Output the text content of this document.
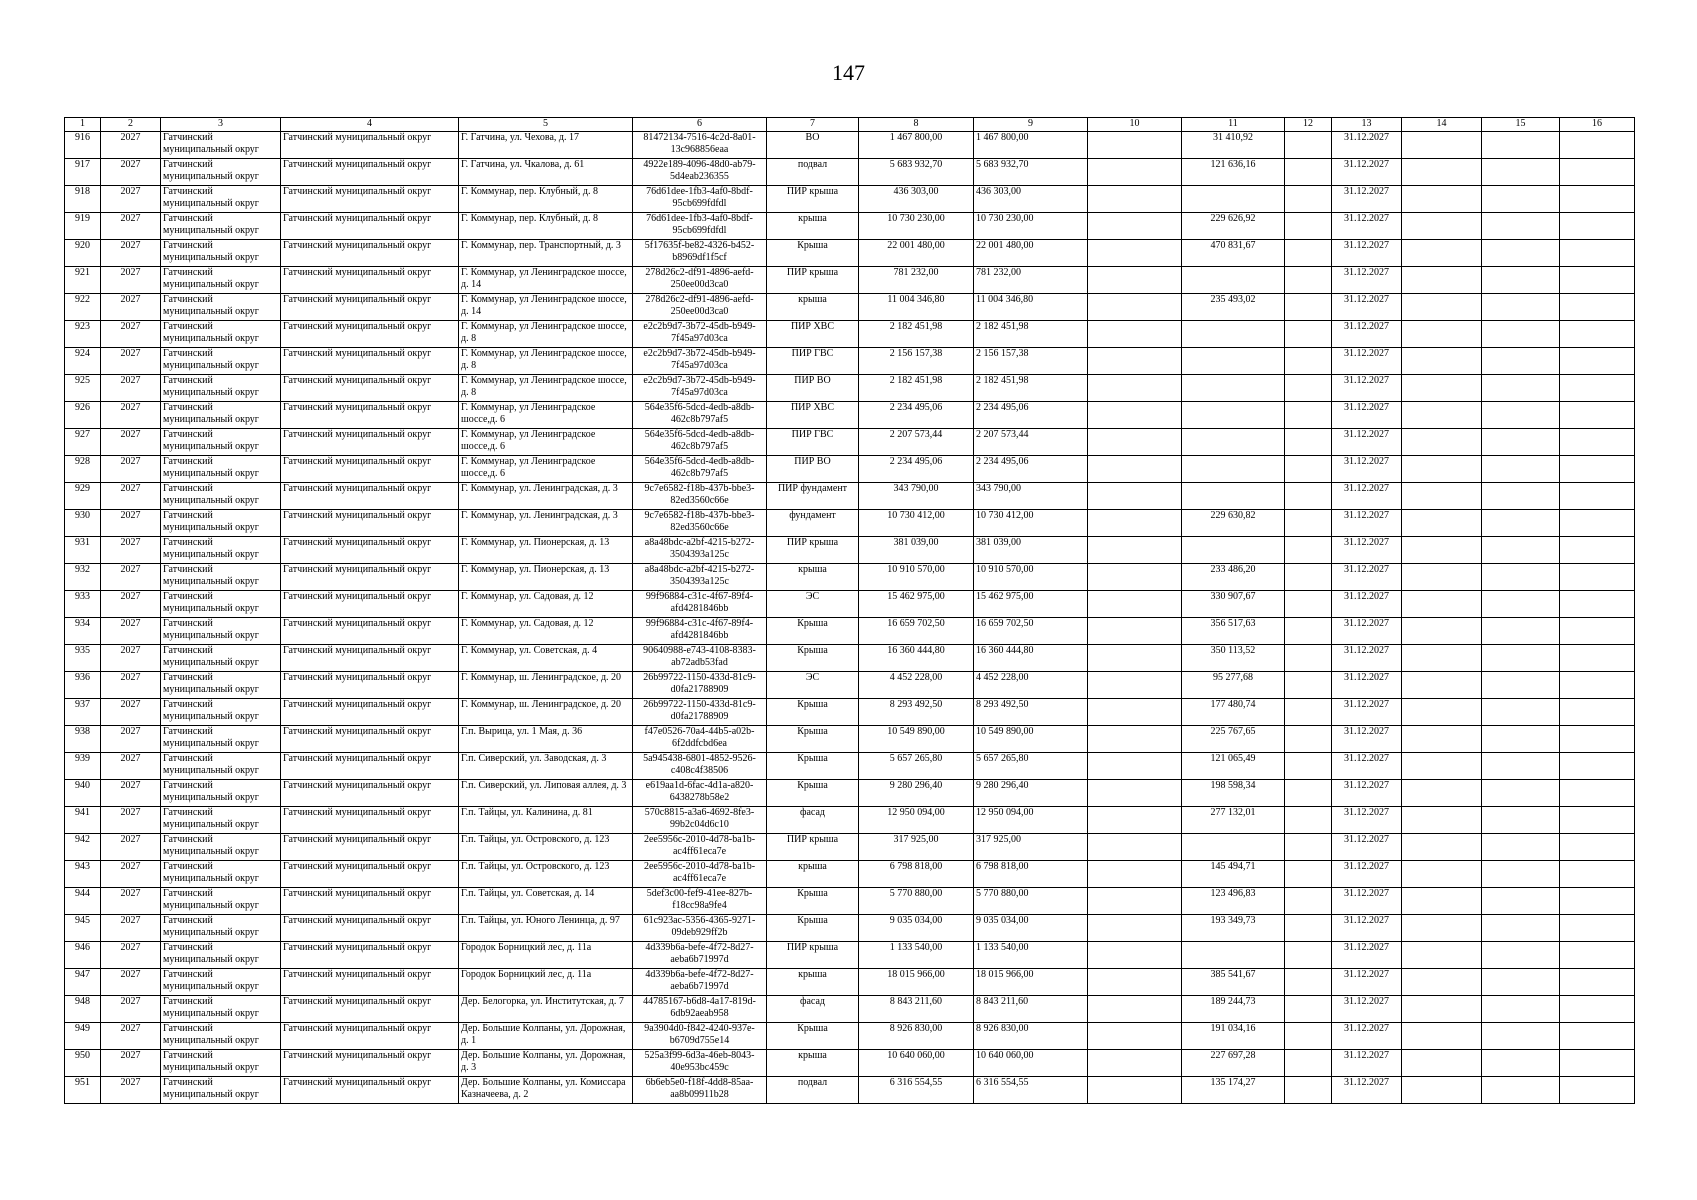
147
1	2	3	4	5	6	7	8	9	10	11	12	13	14	15	16
916	2027	Гатчинский муниципальный округ	Гатчинский муниципальный округ	Г. Гатчина, ул. Чехова, д. 17	81472134-7516-4c2d-8a01-13c968856eaa	ВО	1 467 800,00	1 467 800,00		31 410,92		31.12.2027			
917	2027	Гатчинский муниципальный округ	Гатчинский муниципальный округ	Г. Гатчина, ул. Чкалова, д. 61	4922e189-4096-48d0-ab79-5d4eab236355	подвал	5 683 932,70	5 683 932,70		121 636,16		31.12.2027			
918	2027	Гатчинский муниципальный округ	Гатчинский муниципальный округ	Г. Коммунар, пер. Клубный, д. 8	76d61dee-1fb3-4af0-8bdf-95cb699fdfdl	ПИР крыша	436 303,00	436 303,00				31.12.2027			
919	2027	Гатчинский муниципальный округ	Гатчинский муниципальный округ	Г. Коммунар, пер. Клубный, д. 8	76d61dee-1fb3-4af0-8bdf-95cb699fdfdl	крыша	10 730 230,00	10 730 230,00		229 626,92		31.12.2027			
920	2027	Гатчинский муниципальный округ	Гатчинский муниципальный округ	Г. Коммунар, пер. Транспортный, д. 3	5f17635f-be82-4326-b452-b8969df1f5cf	Крыша	22 001 480,00	22 001 480,00		470 831,67		31.12.2027			
921	2027	Гатчинский муниципальный округ	Гатчинский муниципальный округ	Г. Коммунар, ул Ленинградское шоссе, д. 14	278d26c2-df91-4896-aefd-250ee00d3ca0	ПИР крыша	781 232,00	781 232,00				31.12.2027			
922	2027	Гатчинский муниципальный округ	Гатчинский муниципальный округ	Г. Коммунар, ул Ленинградское шоссе, д. 14	278d26c2-df91-4896-aefd-250ee00d3ca0	крыша	11 004 346,80	11 004 346,80		235 493,02		31.12.2027			
923	2027	Гатчинский муниципальный округ	Гатчинский муниципальный округ	Г. Коммунар, ул Ленинградское шоссе, д. 8	e2c2b9d7-3b72-45db-b949-7f45a97d03ca	ПИР ХВС	2 182 451,98	2 182 451,98				31.12.2027			
924	2027	Гатчинский муниципальный округ	Гатчинский муниципальный округ	Г. Коммунар, ул Ленинградское шоссе, д. 8	e2c2b9d7-3b72-45db-b949-7f45a97d03ca	ПИР ГВС	2 156 157,38	2 156 157,38				31.12.2027			
925	2027	Гатчинский муниципальный округ	Гатчинский муниципальный округ	Г. Коммунар, ул Ленинградское шоссе, д. 8	e2c2b9d7-3b72-45db-b949-7f45a97d03ca	ПИР ВО	2 182 451,98	2 182 451,98				31.12.2027			
926	2027	Гатчинский муниципальный округ	Гатчинский муниципальный округ	Г. Коммунар, ул Ленинградское шоссе,д. 6	564e35f6-5dcd-4edb-a8db-462c8b797af5	ПИР ХВС	2 234 495,06	2 234 495,06				31.12.2027			
927	2027	Гатчинский муниципальный округ	Гатчинский муниципальный округ	Г. Коммунар, ул Ленинградское шоссе,д. 6	564e35f6-5dcd-4edb-a8db-462c8b797af5	ПИР ГВС	2 207 573,44	2 207 573,44				31.12.2027			
928	2027	Гатчинский муниципальный округ	Гатчинский муниципальный округ	Г. Коммунар, ул Ленинградское шоссе,д. 6	564e35f6-5dcd-4edb-a8db-462c8b797af5	ПИР ВО	2 234 495,06	2 234 495,06				31.12.2027			
929	2027	Гатчинский муниципальный округ	Гатчинский муниципальный округ	Г. Коммунар, ул. Ленинградская, д. 3	9c7e6582-f18b-437b-bbe3-82ed3560c66e	ПИР фундамент	343 790,00	343 790,00				31.12.2027			
930	2027	Гатчинский муниципальный округ	Гатчинский муниципальный округ	Г. Коммунар, ул. Ленинградская, д. 3	9c7e6582-f18b-437b-bbe3-82ed3560c66e	фундамент	10 730 412,00	10 730 412,00		229 630,82		31.12.2027			
931	2027	Гатчинский муниципальный округ	Гатчинский муниципальный округ	Г. Коммунар, ул. Пионерская, д. 13	a8a48bdc-a2bf-4215-b272-3504393a125c	ПИР крыша	381 039,00	381 039,00				31.12.2027			
932	2027	Гатчинский муниципальный округ	Гатчинский муниципальный округ	Г. Коммунар, ул. Пионерская, д. 13	a8a48bdc-a2bf-4215-b272-3504393a125c	крыша	10 910 570,00	10 910 570,00		233 486,20		31.12.2027			
933	2027	Гатчинский муниципальный округ	Гатчинский муниципальный округ	Г. Коммунар, ул. Садовая, д. 12	99f96884-c31c-4f67-89f4-afd4281846bb	ЭС	15 462 975,00	15 462 975,00		330 907,67		31.12.2027			
934	2027	Гатчинский муниципальный округ	Гатчинский муниципальный округ	Г. Коммунар, ул. Садовая, д. 12	99f96884-c31c-4f67-89f4-afd4281846bb	Крыша	16 659 702,50	16 659 702,50		356 517,63		31.12.2027			
935	2027	Гатчинский муниципальный округ	Гатчинский муниципальный округ	Г. Коммунар, ул. Советская, д. 4	90640988-e743-4108-8383-ab72adb53fad	Крыша	16 360 444,80	16 360 444,80		350 113,52		31.12.2027			
936	2027	Гатчинский муниципальный округ	Гатчинский муниципальный округ	Г. Коммунар, ш. Ленинградское, д. 20	26b99722-1150-433d-81c9-d0fa21788909	ЭС	4 452 228,00	4 452 228,00		95 277,68		31.12.2027			
937	2027	Гатчинский муниципальный округ	Гатчинский муниципальный округ	Г. Коммунар, ш. Ленинградское, д. 20	26b99722-1150-433d-81c9-d0fa21788909	Крыша	8 293 492,50	8 293 492,50		177 480,74		31.12.2027			
938	2027	Гатчинский муниципальный округ	Гатчинский муниципальный округ	Г.п. Вырица, ул. 1 Мая, д. 36	f47e0526-70a4-44b5-a02b-6f2ddfcbd6ea	Крыша	10 549 890,00	10 549 890,00		225 767,65		31.12.2027			
939	2027	Гатчинский муниципальный округ	Гатчинский муниципальный округ	Г.п. Сиверский, ул. Заводская, д. 3	5a945438-6801-4852-9526-c408c4f38506	Крыша	5 657 265,80	5 657 265,80		121 065,49		31.12.2027			
940	2027	Гатчинский муниципальный округ	Гатчинский муниципальный округ	Г.п. Сиверский, ул. Липовая аллея, д. 3	e619aa1d-6fac-4d1a-a820-6438278b58e2	Крыша	9 280 296,40	9 280 296,40		198 598,34		31.12.2027			
941	2027	Гатчинский муниципальный округ	Гатчинский муниципальный округ	Г.п. Тайцы, ул. Калинина, д. 81	570c8815-a3a6-4692-8fe3-99b2c04d6c10	фасад	12 950 094,00	12 950 094,00		277 132,01		31.12.2027			
942	2027	Гатчинский муниципальный округ	Гатчинский муниципальный округ	Г.п. Тайцы, ул. Островского, д. 123	2ee5956c-2010-4d78-ba1b-ac4ff61eca7e	ПИР крыша	317 925,00	317 925,00				31.12.2027			
943	2027	Гатчинский муниципальный округ	Гатчинский муниципальный округ	Г.п. Тайцы, ул. Островского, д. 123	2ee5956c-2010-4d78-ba1b-ac4ff61eca7e	крыша	6 798 818,00	6 798 818,00		145 494,71		31.12.2027			
944	2027	Гатчинский муниципальный округ	Гатчинский муниципальный округ	Г.п. Тайцы, ул. Советская, д. 14	5def3c00-fef9-41ee-827b-f18cc98a9fe4	Крыша	5 770 880,00	5 770 880,00		123 496,83		31.12.2027			
945	2027	Гатчинский муниципальный округ	Гатчинский муниципальный округ	Г.п. Тайцы, ул. Юного Ленинца, д. 97	61c923ac-5356-4365-9271-09deb929ff2b	Крыша	9 035 034,00	9 035 034,00		193 349,73		31.12.2027			
946	2027	Гатчинский муниципальный округ	Гатчинский муниципальный округ	Городок Борницкий лес, д. 11а	4d339b6a-befe-4f72-8d27-aeba6b71997d	ПИР крыша	1 133 540,00	1 133 540,00				31.12.2027			
947	2027	Гатчинский муниципальный округ	Гатчинский муниципальный округ	Городок Борницкий лес, д. 11а	4d339b6a-befe-4f72-8d27-aeba6b71997d	крыша	18 015 966,00	18 015 966,00		385 541,67		31.12.2027			
948	2027	Гатчинский муниципальный округ	Гатчинский муниципальный округ	Дер. Белогорка, ул. Институтская, д. 7	44785167-b6d8-4a17-819d-6db92aeab958	фасад	8 843 211,60	8 843 211,60		189 244,73		31.12.2027			
949	2027	Гатчинский муниципальный округ	Гатчинский муниципальный округ	Дер. Большие Колпаны, ул. Дорожная, д. 1	9a3904d0-f842-4240-937e-b6709d755e14	Крыша	8 926 830,00	8 926 830,00		191 034,16		31.12.2027			
950	2027	Гатчинский муниципальный округ	Гатчинский муниципальный округ	Дер. Большие Колпаны, ул. Дорожная, д. 3	525a3f99-6d3a-46eb-8043-40e953bc459c	крыша	10 640 060,00	10 640 060,00		227 697,28		31.12.2027			
951	2027	Гатчинский муниципальный округ	Гатчинский муниципальный округ	Дер. Большие Колпаны, ул. Комиссара Казначеева, д. 2	6b6eb5e0-f18f-4dd8-85aa-aa8b09911b28	подвал	6 316 554,55	6 316 554,55		135 174,27		31.12.2027			
